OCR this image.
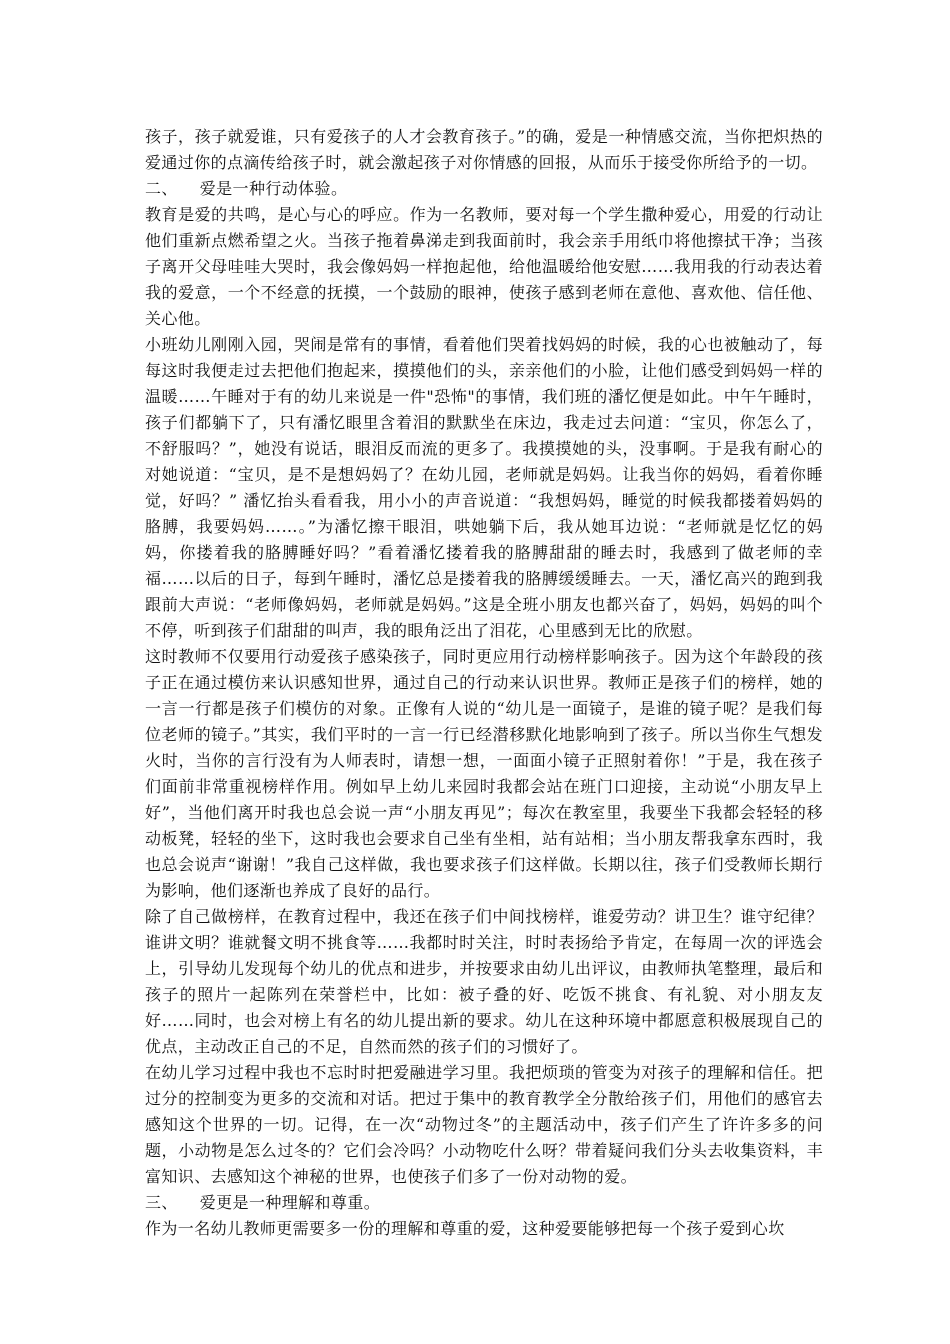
孩子，孩子就爱谁，只有爱孩子的人才会教育孩子。”的确，爱是一种情感交流，当你把炽热的爱通过你的点滴传给孩子时，就会激起孩子对你情感的回报，从而乐于接受你所给予的一切。

二、    爱是一种行动体验。

教育是爱的共鸣，是心与心的呼应。作为一名教师，要对每一个学生撒种爱心，用爱的行动让他们重新点燃希望之火。当孩子拖着鼻涕走到我面前时，我会亲手用纸巾将他擦拭干净；当孩子离开父母哇哇大哭时，我会像妈妈一样抱起他，给他温暖给他安慰……我用我的行动表达着我的爱意，一个不经意的抚摸，一个鼓励的眼神，使孩子感到老师在意他、喜欢他、信任他、关心他。

小班幼儿刚刚入园，哭闹是常有的事情，看着他们哭着找妈妈的时候，我的心也被触动了，每每这时我便走过去把他们抱起来，摸摸他们的头，亲亲他们的小脸，让他们感受到妈妈一样的温暖……午睡对于有的幼儿来说是一件"恐怖"的事情，我们班的潘忆便是如此。中午午睡时，孩子们都躺下了，只有潘忆眼里含着泪的默默坐在床边，我走过去问道：“宝贝，你怎么了，不舒服吗？”，她没有说话，眼泪反而流的更多了。我摸摸她的头，没事啊。于是我有耐心的对她说道：“宝贝，是不是想妈妈了？在幼儿园，老师就是妈妈。让我当你的妈妈，看着你睡觉，好吗？” 潘忆抬头看看我，用小小的声音说道：“我想妈妈，睡觉的时候我都搂着妈妈的胳膊，我要妈妈……。”为潘忆擦干眼泪，哄她躺下后，我从她耳边说：“老师就是忆忆的妈妈，你搂着我的胳膊睡好吗？”看着潘忆搂着我的胳膊甜甜的睡去时，我感到了做老师的幸福……以后的日子，每到午睡时，潘忆总是搂着我的胳膊缓缓睡去。一天，潘忆高兴的跑到我跟前大声说：“老师像妈妈，老师就是妈妈。”这是全班小朋友也都兴奋了，妈妈，妈妈的叫个不停，听到孩子们甜甜的叫声，我的眼角泛出了泪花，心里感到无比的欣慰。

这时教师不仅要用行动爱孩子感染孩子，同时更应用行动榜样影响孩子。因为这个年龄段的孩子正在通过模仿来认识感知世界，通过自己的行动来认识世界。教师正是孩子们的榜样，她的一言一行都是孩子们模仿的对象。正像有人说的“幼儿是一面镜子，是谁的镜子呢？是我们每位老师的镜子。”其实，我们平时的一言一行已经潜移默化地影响到了孩子。所以当你生气想发火时，当你的言行没有为人师表时，请想一想，一面面小镜子正照射着你！”于是，我在孩子们面前非常重视榜样作用。例如早上幼儿来园时我都会站在班门口迎接，主动说“小朋友早上好”，当他们离开时我也总会说一声“小朋友再见”；每次在教室里，我要坐下我都会轻轻的移动板凳，轻轻的坐下，这时我也会要求自己坐有坐相，站有站相；当小朋友帮我拿东西时，我也总会说声“谢谢！”我自己这样做，我也要求孩子们这样做。长期以往，孩子们受教师长期行为影响，他们逐渐也养成了良好的品行。

除了自己做榜样，在教育过程中，我还在孩子们中间找榜样，谁爱劳动？讲卫生？谁守纪律？谁讲文明？谁就餐文明不挑食等……我都时时关注，时时表扬给予肯定，在每周一次的评选会上，引导幼儿发现每个幼儿的优点和进步，并按要求由幼儿出评议，由教师执笔整理，最后和孩子的照片一起陈列在荣誉栏中，比如：被子叠的好、吃饭不挑食、有礼貌、对小朋友友好……同时，也会对榜上有名的幼儿提出新的要求。幼儿在这种环境中都愿意积极展现自己的优点，主动改正自己的不足，自然而然的孩子们的习惯好了。

在幼儿学习过程中我也不忘时时把爱融进学习里。我把烦琐的管变为对孩子的理解和信任。把过分的控制变为更多的交流和对话。把过于集中的教育教学全分散给孩子们，用他们的感官去感知这个世界的一切。记得，在一次“动物过冬”的主题活动中，孩子们产生了许许多多的问题，小动物是怎么过冬的？它们会冷吗？小动物吃什么呀？带着疑问我们分头去收集资料，丰富知识、去感知这个神秘的世界，也使孩子们多了一份对动物的爱。

三、    爱更是一种理解和尊重。

作为一名幼儿教师更需要多一份的理解和尊重的爱，这种爱要能够把每一个孩子爱到心坎
